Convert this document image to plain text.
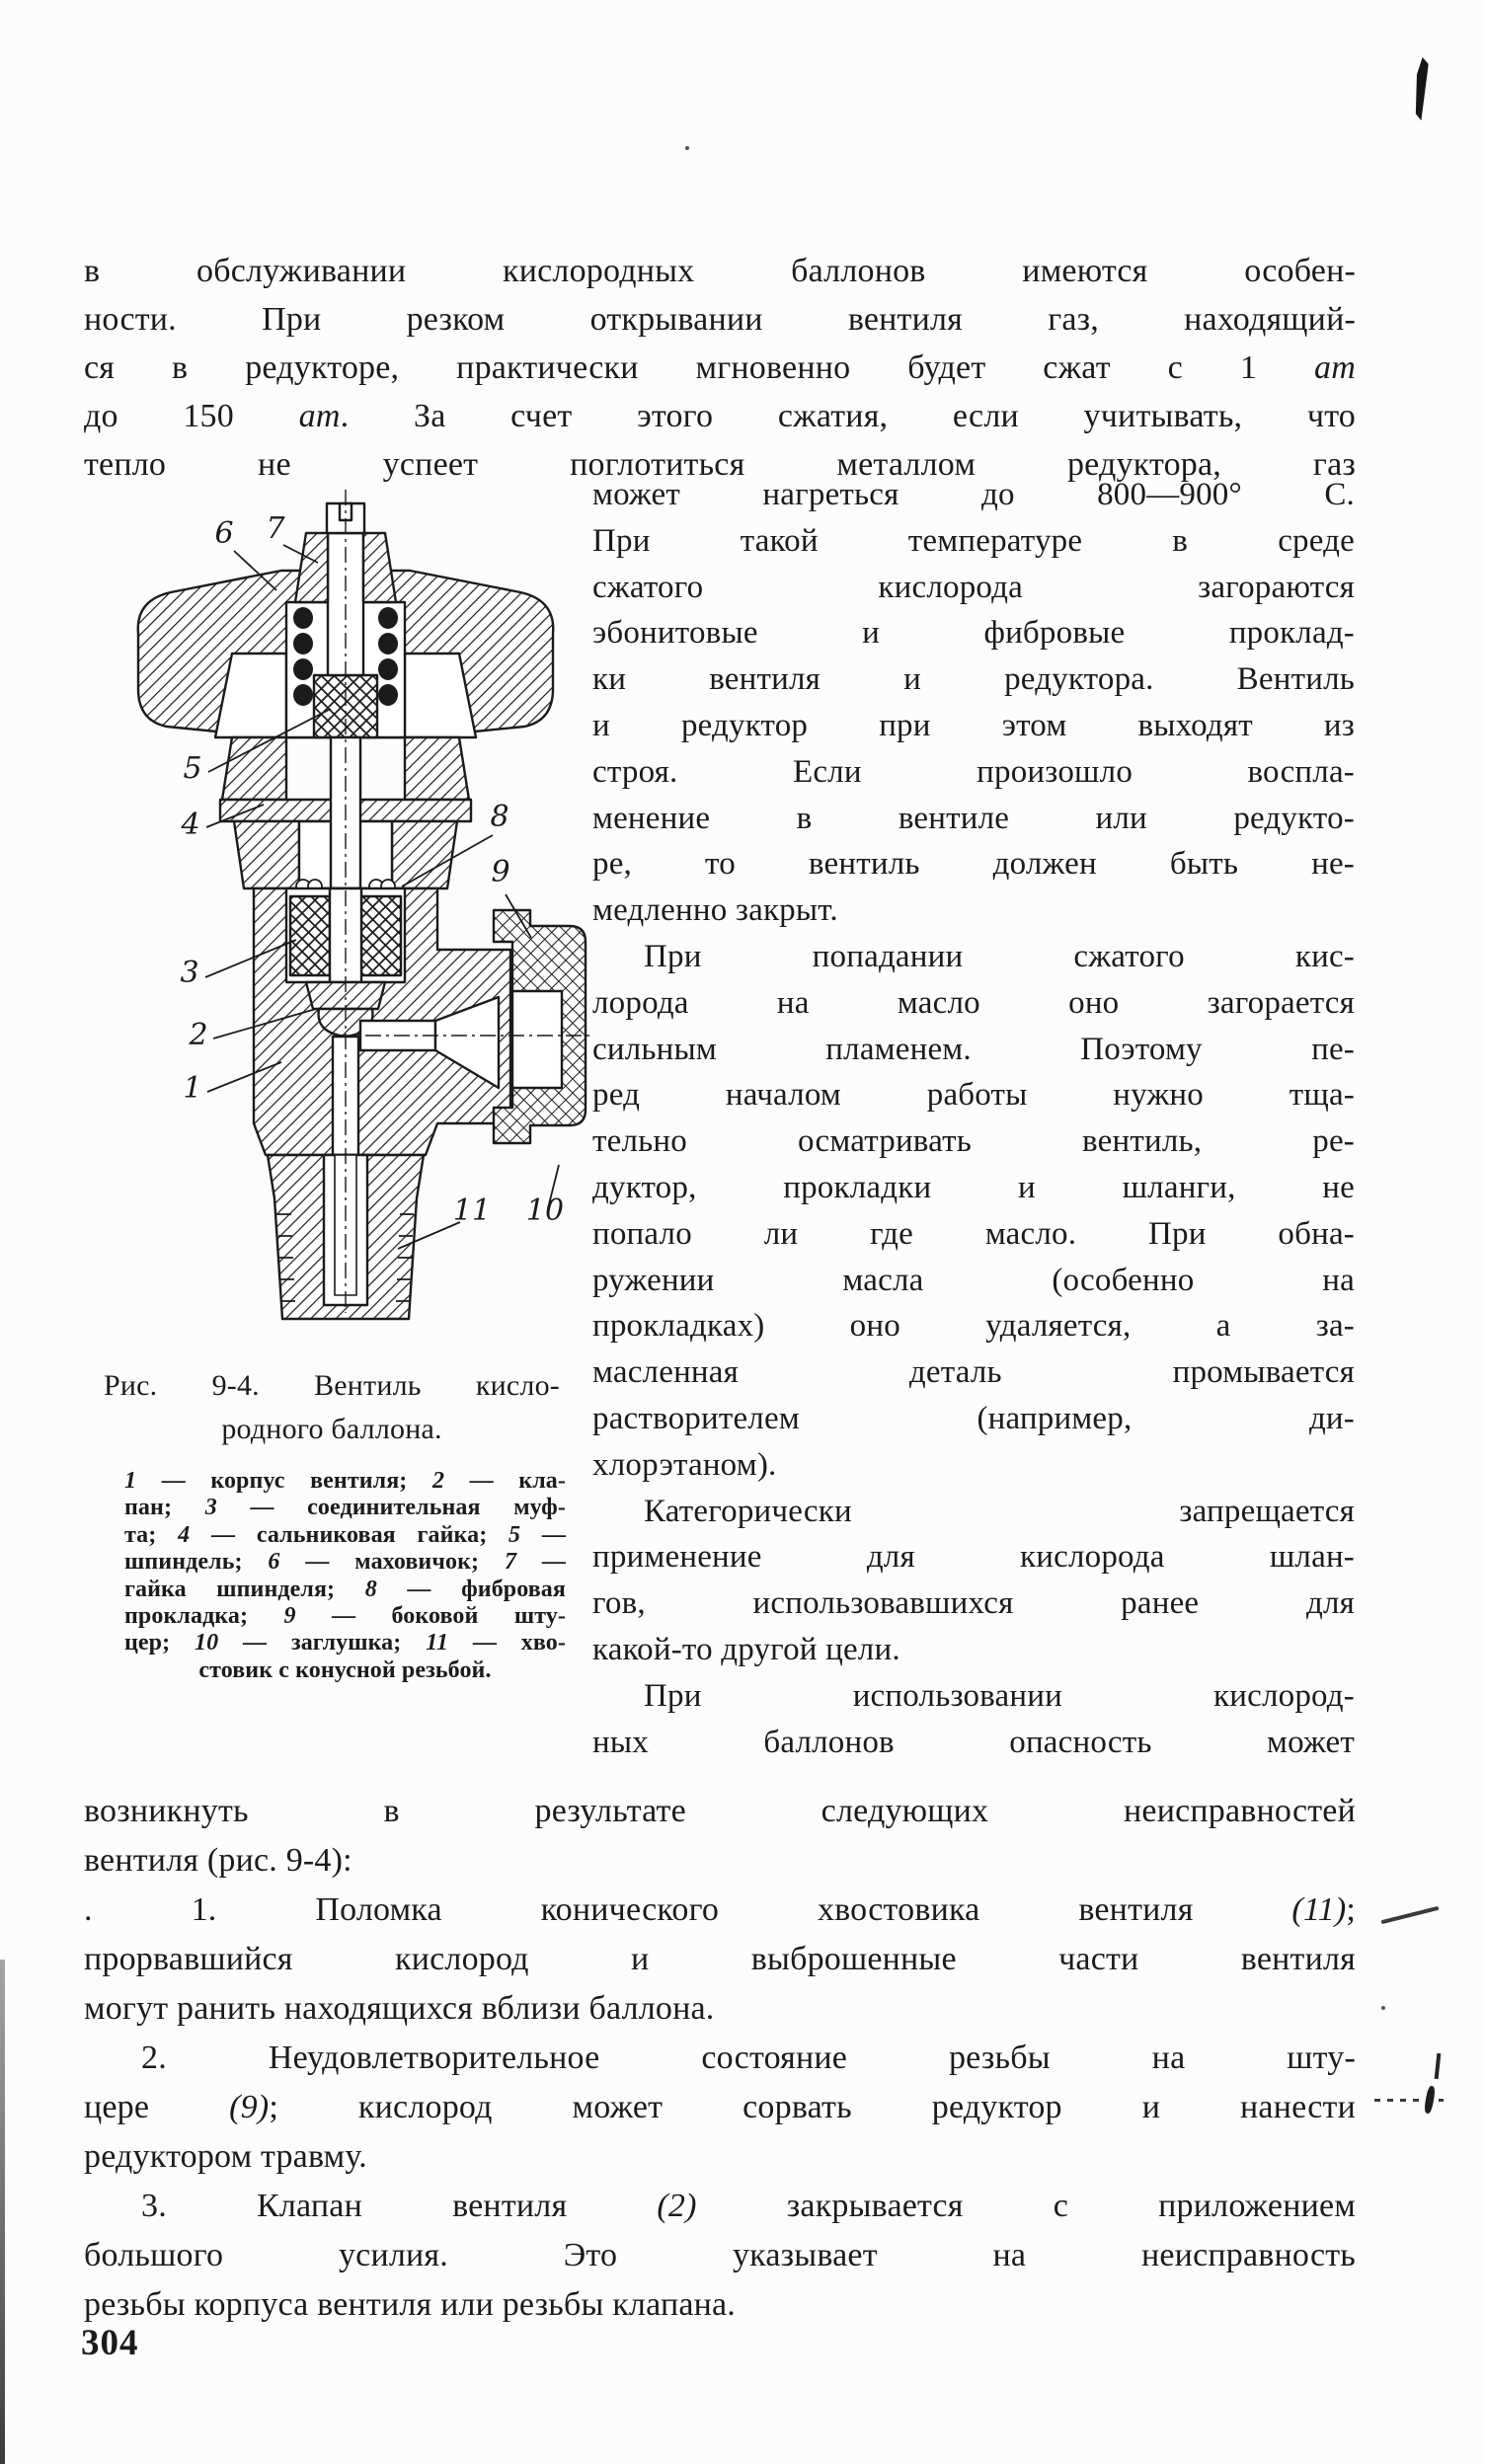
в обслуживании кислородных баллонов имеются особен-
ности. При резком открывании вентиля газ, находящий-
ся в редукторе, практически мгновенно будет сжат с 1 ат
до 150 ат. За счет этого сжатия, если учитывать, что
тепло не успеет поглотиться металлом редуктора, газ
6 7
5
4	8
9
3
2
1
11 10
может нагреться до 800—900° С.
При такой температуре в среде
сжатого кислорода загораются
эбонитовые и фибровые проклад-
ки вентиля и редуктора. Вентиль
и редуктор при этом выходят из
строя. Если произошло воспла-
менение в вентиле или редукто-
ре, то вентиль должен быть не-
медленно закрыт.
При попадании сжатого кис-
лорода на масло оно загорается
сильным пламенем. Поэтому пе-
ред началом работы нужно тща-
тельно осматривать вентиль, ре-
дуктор, прокладки и шланги, не
попало ли где масло. При обна-
ружении масла (особенно на
прокладках) оно удаляется, а за-
масленная деталь промывается
растворителем (например, ди-
хлорэтаном).
Категорически запрещается
применение для кислорода шлан-
гов, использовавшихся ранее для
какой-то другой цели.
При использовании кислород-
ных баллонов опасность может
Рис. 9-4. Вентиль кисло-
родного баллона.
1 — корпус вентиля; 2 — кла-
пан; 3 — соединительная муф-
та; 4 — сальниковая гайка; 5 —
шпиндель; 6 — маховичок; 7 —
гайка шпинделя; 8 — фибровая
прокладка; 9 — боковой шту-
цер; 10 — заглушка; 11 — хво-
стовик с конусной резьбой.
возникнуть в результате следующих неисправностей
вентиля (рис. 9-4):
. 1. Поломка конического хвостовика вентиля (11);
прорвавшийся кислород и выброшенные части вентиля
могут ранить находящихся вблизи баллона.
2. Неудовлетворительное состояние резьбы на шту-
цере (9); кислород может сорвать редуктор и нанести
редуктором травму.
3. Клапан вентиля (2) закрывается с приложением
большого усилия. Это указывает на неисправность
резьбы корпуса вентиля или резьбы клапана.
304
